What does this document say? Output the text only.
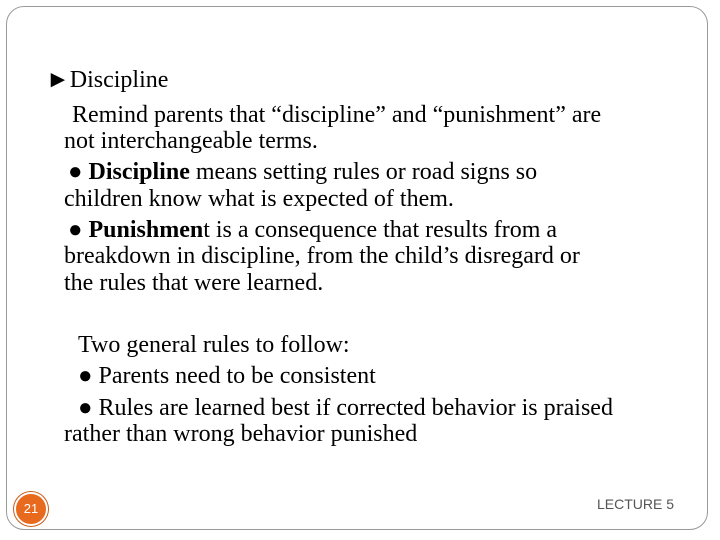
►Discipline
Remind parents that “discipline” and “punishment” are
not interchangeable terms.
● Discipline means setting rules or road signs so
children know what is expected of them.
● Punishment is a consequence that results from a
breakdown in discipline, from the child’s disregard or
the rules that were learned.
Two general rules to follow:
● Parents need to be consistent
● Rules are learned best if corrected behavior is praised
rather than wrong behavior punished
21	LECTURE 5
